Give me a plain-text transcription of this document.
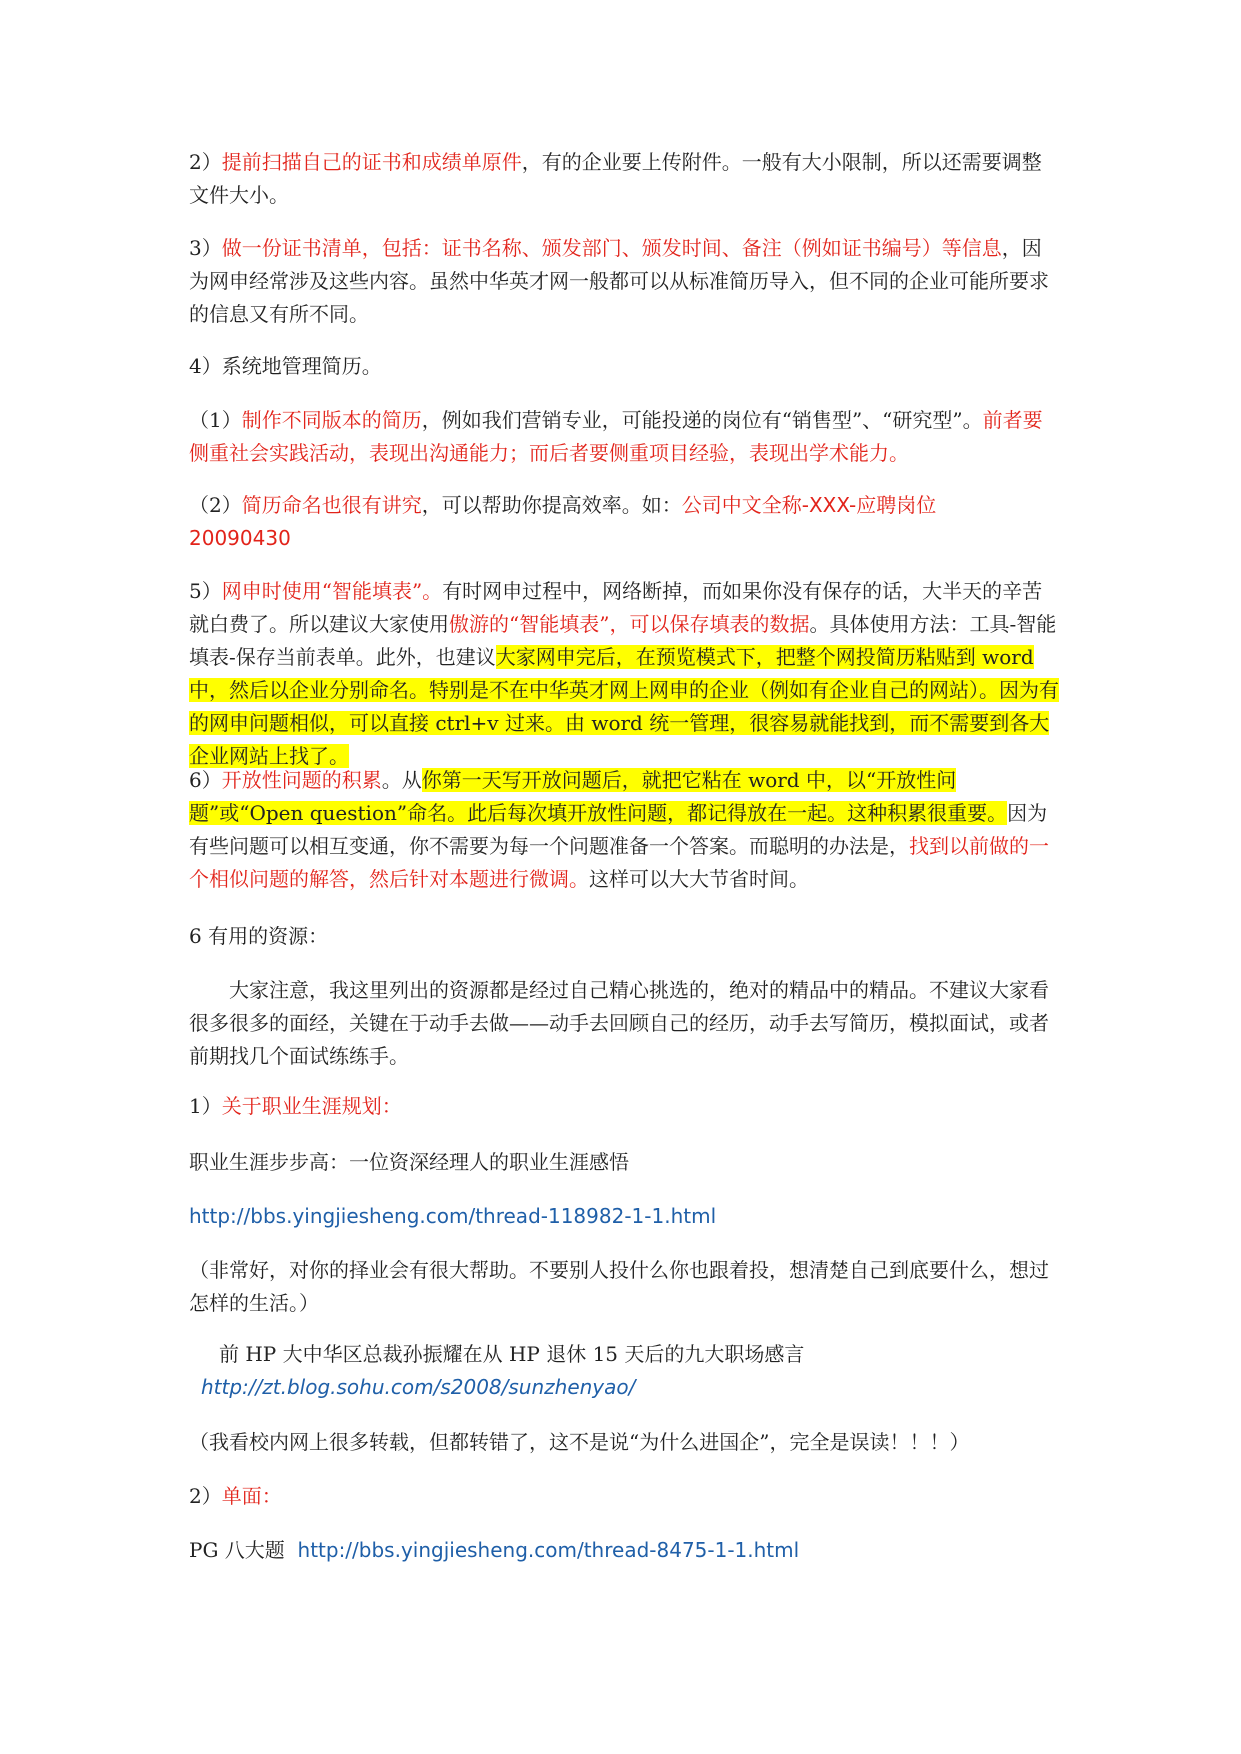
2）提前扫描自己的证书和成绩单原件，有的企业要上传附件。一般有大小限制，所以还需要调整文件大小。

3）做一份证书清单，包括：证书名称、颁发部门、颁发时间、备注（例如证书编号）等信息，因为网申经常涉及这些内容。虽然中华英才网一般都可以从标准简历导入，但不同的企业可能所要求的信息又有所不同。

4）系统地管理简历。

（1）制作不同版本的简历，例如我们营销专业，可能投递的岗位有“销售型”、“研究型”。前者要侧重社会实践活动，表现出沟通能力；而后者要侧重项目经验，表现出学术能力。

（2）简历命名也很有讲究，可以帮助你提高效率。如：公司中文全称-XXX-应聘岗位 20090430

5）网申时使用“智能填表”。有时网申过程中，网络断掉，而如果你没有保存的话，大半天的辛苦就白费了。所以建议大家使用傲游的“智能填表”，可以保存填表的数据。具体使用方法：工具-智能填表-保存当前表单。此外，也建议大家网申完后，在预览模式下，把整个网投简历粘贴到 word 中，然后以企业分别命名。特别是不在中华英才网上网申的企业（例如有企业自己的网站）。因为有的网申问题相似，可以直接 ctrl+v 过来。由 word 统一管理，很容易就能找到，而不需要到各大企业网站上找了。

6）开放性问题的积累。从你第一天写开放问题后，就把它粘在 word 中，以“开放性问题”或“Open question”命名。此后每次填开放性问题，都记得放在一起。这种积累很重要。因为有些问题可以相互变通，你不需要为每一个问题准备一个答案。而聪明的办法是，找到以前做的一个相似问题的解答，然后针对本题进行微调。这样可以大大节省时间。

6 有用的资源：

大家注意，我这里列出的资源都是经过自己精心挑选的，绝对的精品中的精品。不建议大家看很多很多的面经，关键在于动手去做——动手去回顾自己的经历，动手去写简历，模拟面试，或者前期找几个面试练练手。

1）关于职业生涯规划：

职业生涯步步高：一位资深经理人的职业生涯感悟

http://bbs.yingjiesheng.com/thread-118982-1-1.html

（非常好，对你的择业会有很大帮助。不要别人投什么你也跟着投，想清楚自己到底要什么，想过怎样的生活。）

前 HP 大中华区总裁孙振耀在从 HP 退休 15 天后的九大职场感言

http://zt.blog.sohu.com/s2008/sunzhenyao/

（我看校内网上很多转载，但都转错了，这不是说“为什么进国企”，完全是误读！！！）

2）单面：

PG 八大题 http://bbs.yingjiesheng.com/thread-8475-1-1.html
